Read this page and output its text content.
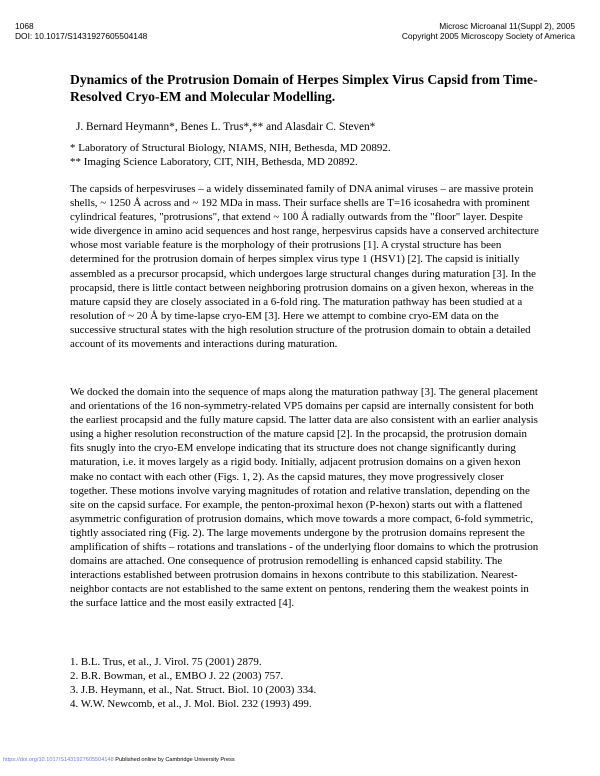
1068
DOI: 10.1017/S1431927605504148
Microsc Microanal 11(Suppl 2), 2005
Copyright 2005 Microscopy Society of America
Dynamics of the Protrusion Domain of Herpes Simplex Virus Capsid from Time-Resolved Cryo-EM and Molecular Modelling.
J. Bernard Heymann*, Benes L. Trus*,** and Alasdair C. Steven*
* Laboratory of Structural Biology, NIAMS, NIH, Bethesda, MD 20892.
** Imaging Science Laboratory, CIT, NIH, Bethesda, MD 20892.
The capsids of herpesviruses – a widely disseminated family of DNA animal viruses – are massive protein shells, ~ 1250 Å across and ~ 192 MDa in mass. Their surface shells are T=16 icosahedra with prominent cylindrical features, "protrusions", that extend ~ 100 Å radially outwards from the "floor" layer. Despite wide divergence in amino acid sequences and host range, herpesvirus capsids have a conserved architecture whose most variable feature is the morphology of their protrusions [1]. A crystal structure has been determined for the protrusion domain of herpes simplex virus type 1 (HSV1) [2]. The capsid is initially assembled as a precursor procapsid, which undergoes large structural changes during maturation [3]. In the procapsid, there is little contact between neighboring protrusion domains on a given hexon, whereas in the mature capsid they are closely associated in a 6-fold ring. The maturation pathway has been studied at a resolution of ~ 20 Å by time-lapse cryo-EM [3]. Here we attempt to combine cryo-EM data on the successive structural states with the high resolution structure of the protrusion domain to obtain a detailed account of its movements and interactions during maturation.
We docked the domain into the sequence of maps along the maturation pathway [3]. The general placement and orientations of the 16 non-symmetry-related VP5 domains per capsid are internally consistent for both the earliest procapsid and the fully mature capsid. The latter data are also consistent with an earlier analysis using a higher resolution reconstruction of the mature capsid [2]. In the procapsid, the protrusion domain fits snugly into the cryo-EM envelope indicating that its structure does not change significantly during maturation, i.e. it moves largely as a rigid body. Initially, adjacent protrusion domains on a given hexon make no contact with each other (Figs. 1, 2). As the capsid matures, they move progressively closer together. These motions involve varying magnitudes of rotation and relative translation, depending on the site on the capsid surface. For example, the penton-proximal hexon (P-hexon) starts out with a flattened asymmetric configuration of protrusion domains, which move towards a more compact, 6-fold symmetric, tightly associated ring (Fig. 2). The large movements undergone by the protrusion domains represent the amplification of shifts – rotations and translations - of the underlying floor domains to which the protrusion domains are attached. One consequence of protrusion remodelling is enhanced capsid stability. The interactions established between protrusion domains in hexons contribute to this stabilization. Nearest-neighbor contacts are not established to the same extent on pentons, rendering them the weakest points in the surface lattice and the most easily extracted [4].
1. B.L. Trus, et al., J. Virol. 75 (2001) 2879.
2. B.R. Bowman, et al., EMBO J. 22 (2003) 757.
3. J.B. Heymann, et al., Nat. Struct. Biol. 10 (2003) 334.
4. W.W. Newcomb, et al., J. Mol. Biol. 232 (1993) 499.
https://doi.org/10.1017/S1431927605504148 Published online by Cambridge University Press
